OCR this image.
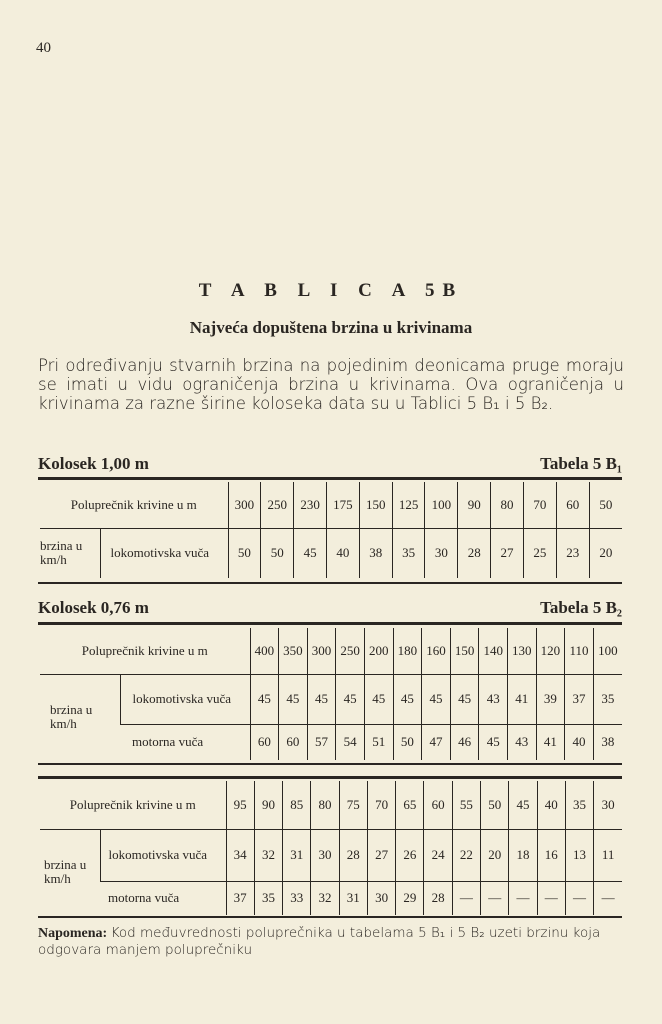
40
T A B L I C A 5B
Najveća dopuštena brzina u krivinama

Pri određivanju stvarnih brzina na pojedinim deonicama pruge moraju se imati u vidu ograničenja brzina u krivinama. Ova ograničenja u krivinama za razne širine koloseka data su u Tablici 5 B₁ i 5 B₂.

Kolosek 1,00 m	Tabela 5 B₁
Poluprečnik krivine u m		300	250	230	175	150	125	100	90	80	70	60	50
brzina u km/h	lokomotivska vuča	50	50	45	40	38	35	30	28	27	25	23	20
Kolosek 0,76 m	Tabela 5 B₂
Poluprečnik krivine u m		400	350	300	250	200	180	160	150	140	130	120	110	100
brzina u km/h	lokomotivska vuča	45	45	45	45	45	45	45	45	43	41	39	37	35
	motorna vuča	60	60	57	54	51	50	47	46	45	43	41	40	38
Poluprečnik krivine u m		95	90	85	80	75	70	65	60	55	50	45	40	35	30
brzina u km/h	lokomotivska vuča	34	32	31	30	28	27	26	24	22	20	18	16	13	11
	motorna vuča	37	35	33	32	31	30	29	28	—	—	—	—	—	—
Napomena: Kod međuvrednosti poluprečnika u tabelama 5 B₁ i 5 B₂ uzeti brzinu koja odgovara manjem poluprečniku
